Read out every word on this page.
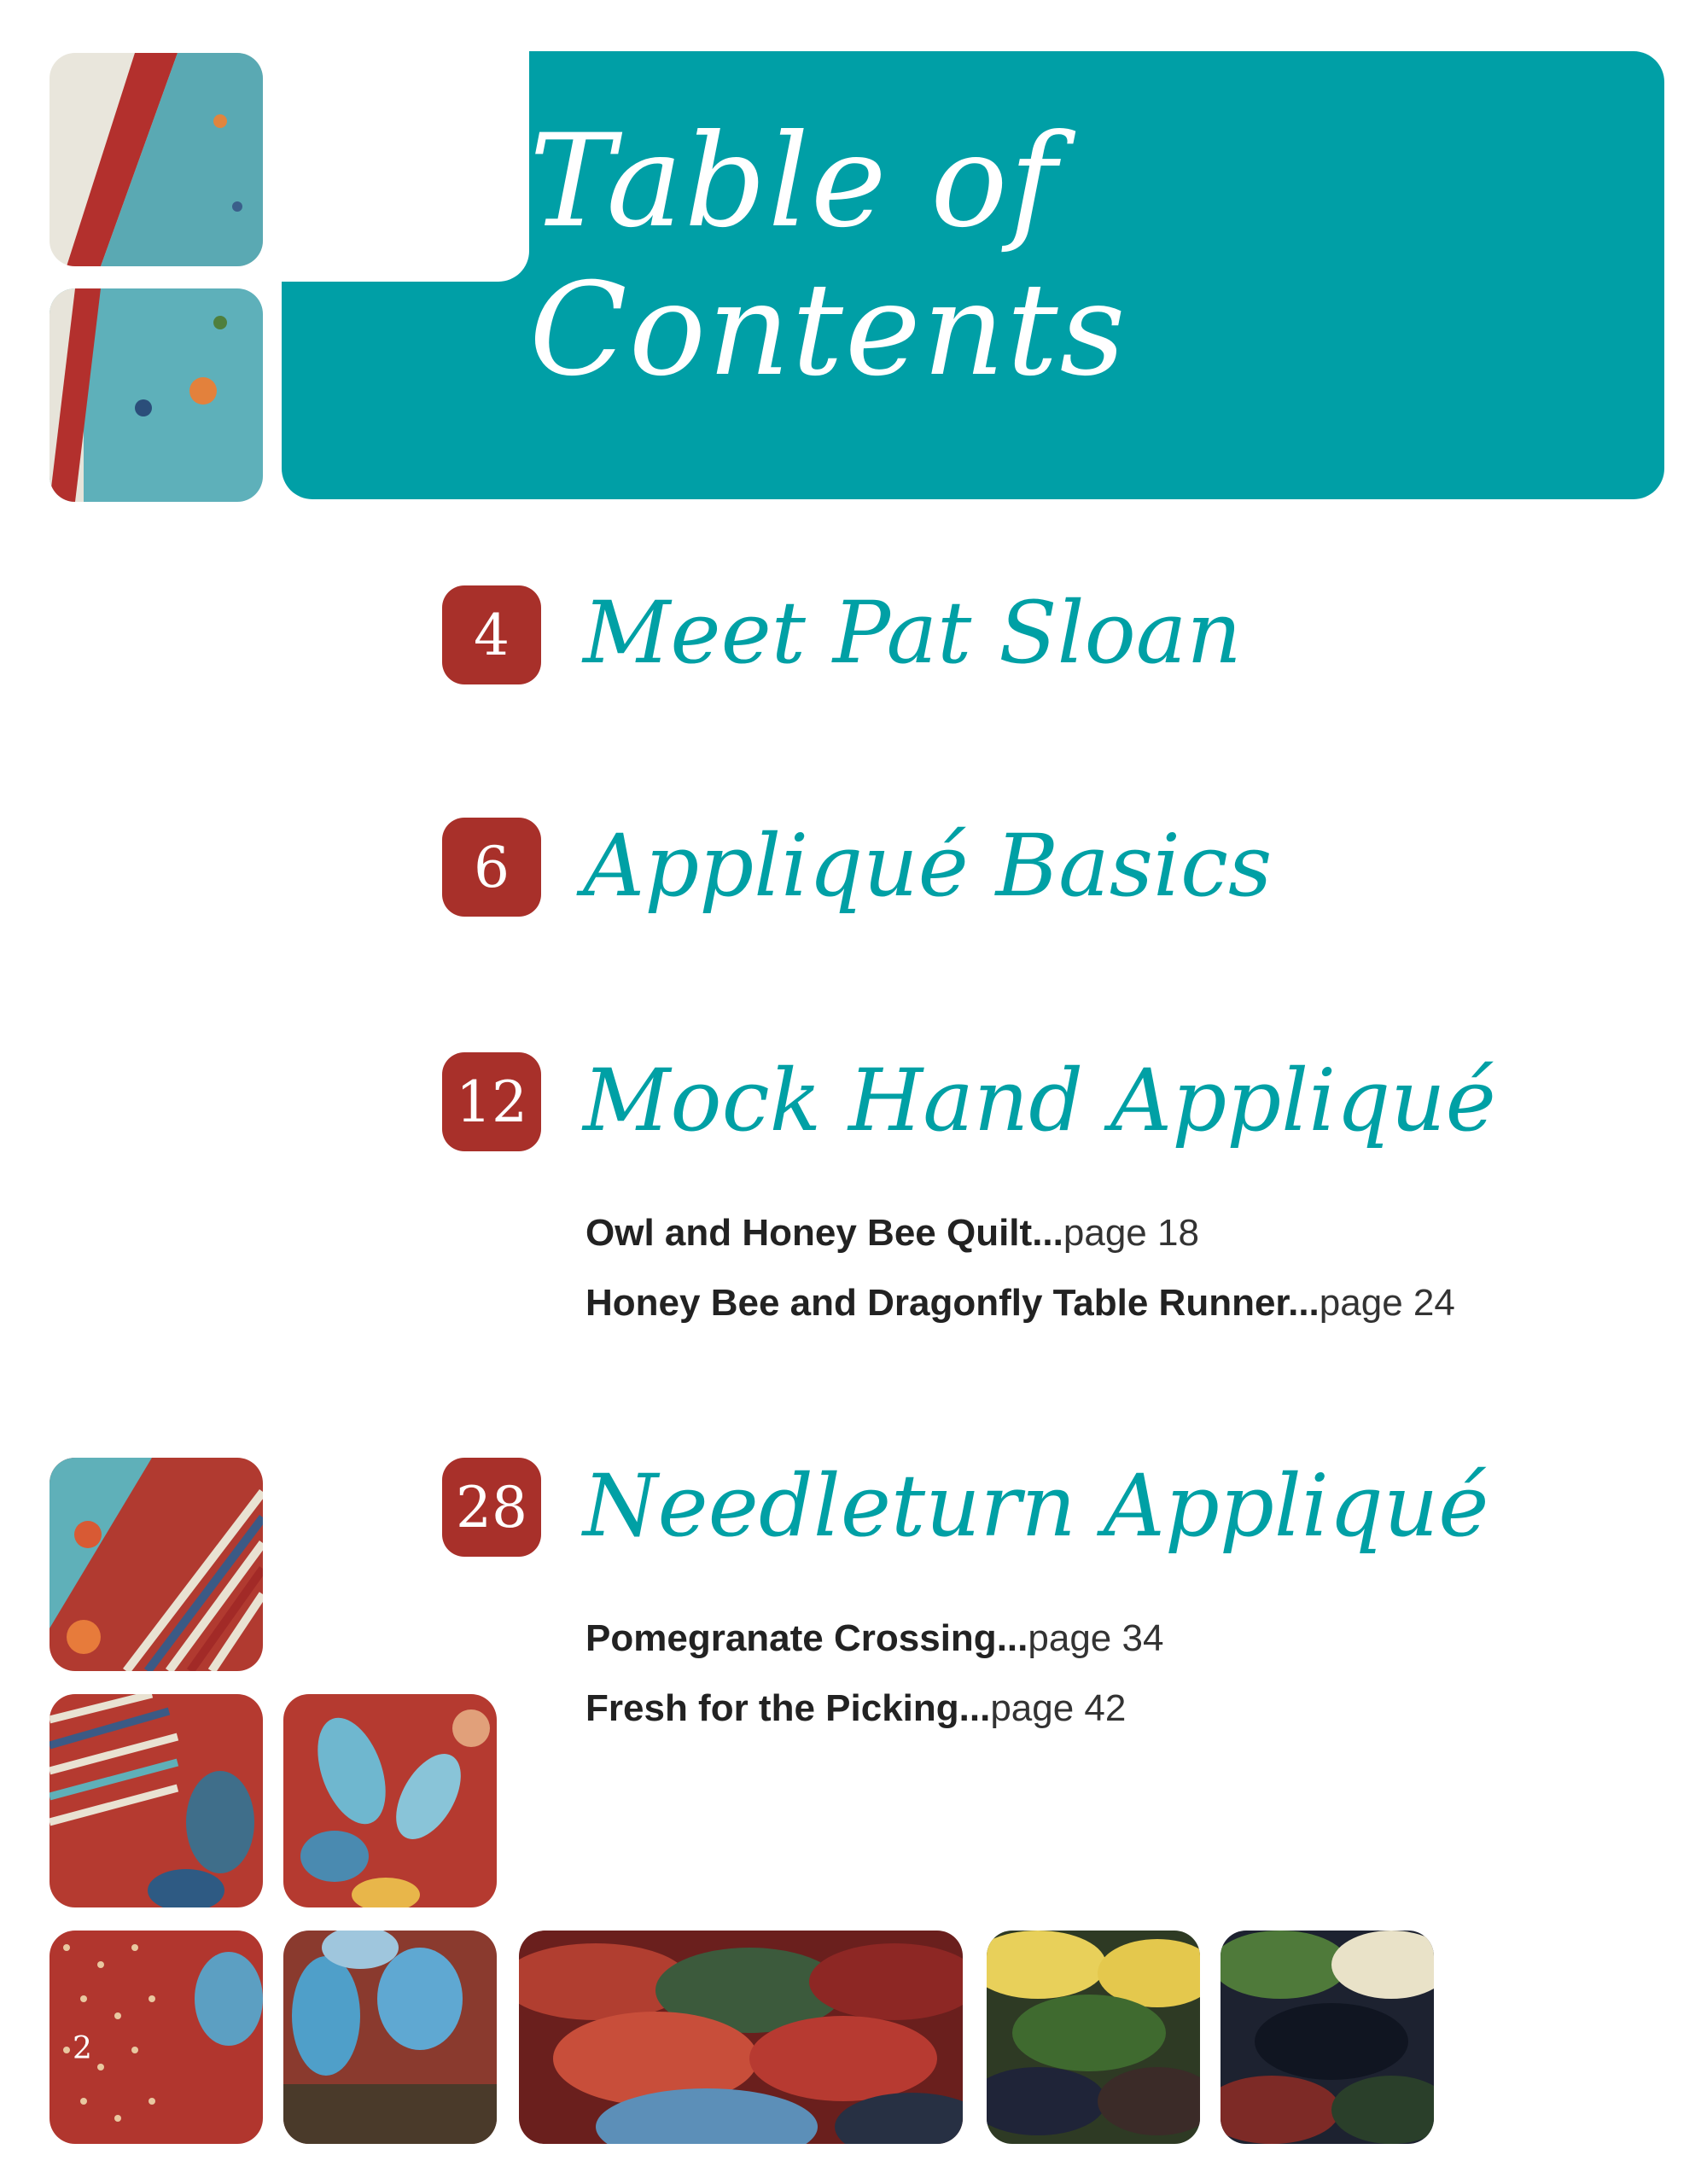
Table of Contents
4 Meet Pat Sloan
6 Appliqué Basics
12 Mock Hand Appliqué
Owl and Honey Bee Quilt...page 18
Honey Bee and Dragonfly Table Runner...page 24
28 Needleturn Appliqué
Pomegranate Crossing...page 34
Fresh for the Picking...page 42
2
